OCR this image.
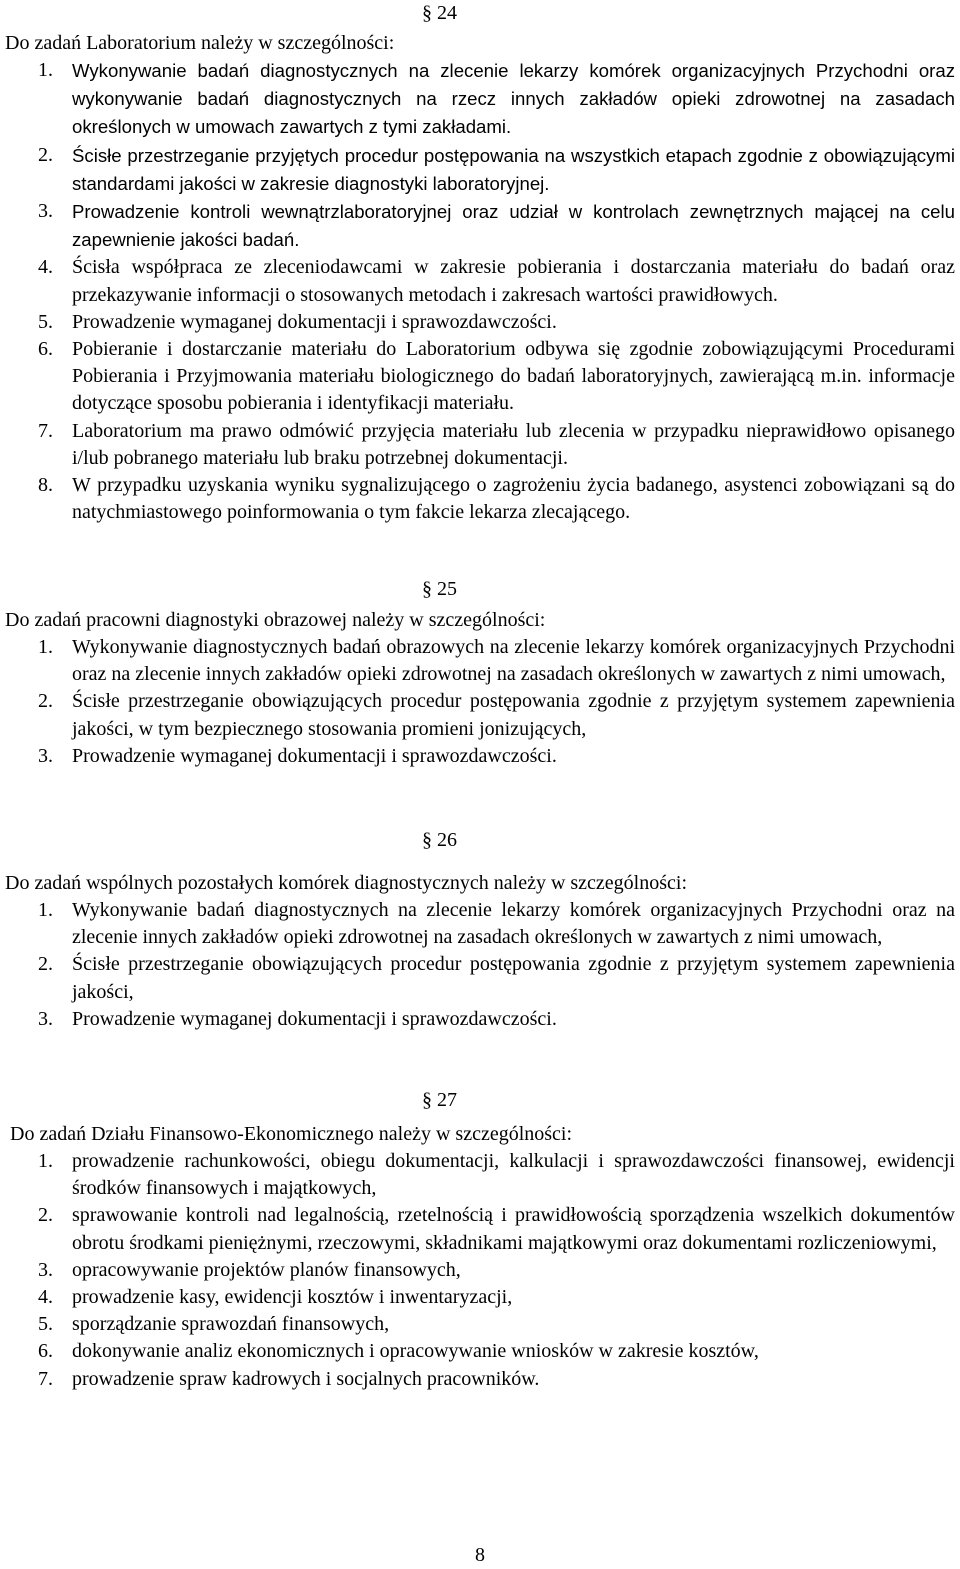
§ 24
Do zadań Laboratorium należy w szczególności:
1. Wykonywanie badań diagnostycznych na zlecenie lekarzy komórek organizacyjnych Przychodni oraz wykonywanie badań diagnostycznych na rzecz innych zakładów opieki zdrowotnej na zasadach określonych w umowach zawartych z tymi zakładami.
2. Ścisłe przestrzeganie przyjętych procedur postępowania na wszystkich etapach zgodnie z obowiązującymi standardami jakości w zakresie diagnostyki laboratoryjnej.
3. Prowadzenie kontroli wewnątrzlaboratoryjnej oraz udział w kontrolach zewnętrznych mającej na celu zapewnienie jakości badań.
4. Ścisła współpraca ze zleceniodawcami w zakresie pobierania i dostarczania materiału do badań oraz przekazywanie informacji o stosowanych metodach i zakresach wartości prawidłowych.
5. Prowadzenie wymaganej dokumentacji i sprawozdawczości.
6. Pobieranie i dostarczanie materiału do Laboratorium odbywa się zgodnie zobowiązującymi Procedurami Pobierania i Przyjmowania materiału biologicznego do badań laboratoryjnych, zawierającą m.in. informacje dotyczące sposobu pobierania i identyfikacji materiału.
7. Laboratorium ma prawo odmówić przyjęcia materiału lub zlecenia w przypadku nieprawidłowo opisanego i/lub pobranego materiału lub braku potrzebnej dokumentacji.
8. W przypadku uzyskania wyniku sygnalizującego o zagrożeniu życia badanego, asystenci zobowiązani są do natychmiastowego poinformowania o tym fakcie lekarza zlecającego.
§ 25
Do zadań pracowni diagnostyki obrazowej należy w szczególności:
1. Wykonywanie diagnostycznych badań obrazowych na zlecenie lekarzy komórek organizacyjnych Przychodni oraz na zlecenie innych zakładów opieki zdrowotnej na zasadach określonych w zawartych z nimi umowach,
2. Ścisłe przestrzeganie obowiązujących procedur postępowania zgodnie z przyjętym systemem zapewnienia jakości, w tym bezpiecznego stosowania promieni jonizujących,
3. Prowadzenie wymaganej dokumentacji i sprawozdawczości.
§ 26
Do zadań wspólnych pozostałych komórek diagnostycznych należy w szczególności:
1. Wykonywanie badań diagnostycznych na zlecenie lekarzy komórek organizacyjnych Przychodni oraz na zlecenie innych zakładów opieki zdrowotnej na zasadach określonych w zawartych z nimi umowach,
2. Ścisłe przestrzeganie obowiązujących procedur postępowania zgodnie z przyjętym systemem zapewnienia jakości,
3. Prowadzenie wymaganej dokumentacji i sprawozdawczości.
§ 27
Do zadań Działu Finansowo-Ekonomicznego należy w szczególności:
1. prowadzenie rachunkowości, obiegu dokumentacji, kalkulacji i sprawozdawczości finansowej, ewidencji środków finansowych i majątkowych,
2. sprawowanie kontroli nad legalnością, rzetelnością i prawidłowością sporządzenia wszelkich dokumentów obrotu środkami pieniężnymi, rzeczowymi, składnikami majątkowymi oraz dokumentami rozliczeniowymi,
3. opracowywanie projektów planów finansowych,
4. prowadzenie kasy, ewidencji kosztów i inwentaryzacji,
5. sporządzanie sprawozdań finansowych,
6. dokonywanie analiz ekonomicznych i opracowywanie wniosków w zakresie kosztów,
7. prowadzenie spraw kadrowych i socjalnych pracowników.
8
